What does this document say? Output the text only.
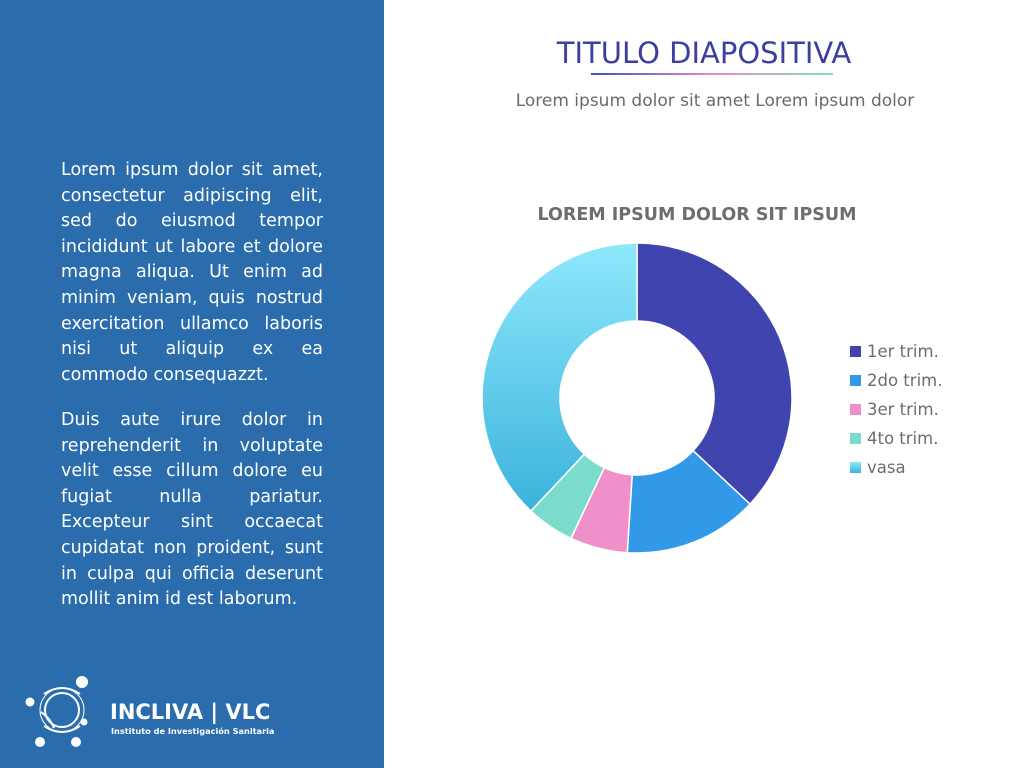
Lorem ipsum dolor sit amet, consectetur adipiscing elit, sed do eiusmod tempor incididunt ut labore et dolore magna aliqua. Ut enim ad minim veniam, quis nostrud exercitation ullamco laboris nisi ut aliquip ex ea commodo consequazzt.

Duis aute irure dolor in reprehenderit in voluptate velit esse cillum dolore eu fugiat nulla pariatur. Excepteur sint occaecat cupidatat non proident, sunt in culpa qui officia deserunt mollit anim id est laborum.

INCLIVA | VLC
Instituto de Investigación Sanitaria
TITULO DIAPOSITIVA

Lorem ipsum dolor sit amet Lorem ipsum dolor

LOREM IPSUM DOLOR SIT IPSUM
1er trim.
2do trim.
3er trim.
4to trim.
vasa
